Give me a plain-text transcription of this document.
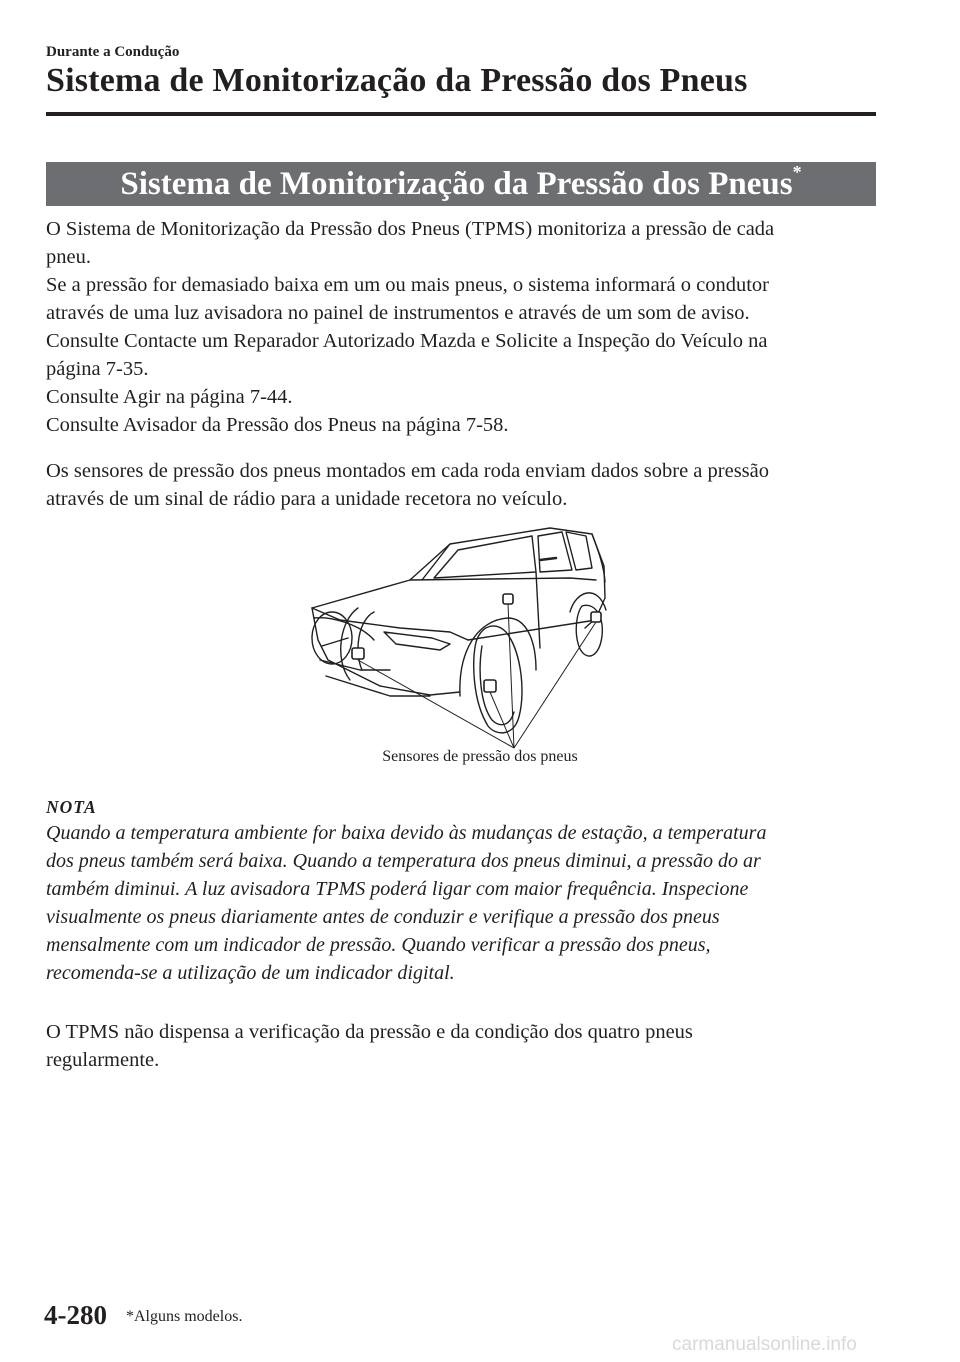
Durante a Condução
Sistema de Monitorização da Pressão dos Pneus
Sistema de Monitorização da Pressão dos Pneus*

O Sistema de Monitorização da Pressão dos Pneus (TPMS) monitoriza a pressão de cada

pneu.

Se a pressão for demasiado baixa em um ou mais pneus, o sistema informará o condutor

através de uma luz avisadora no painel de instrumentos e através de um som de aviso.

Consulte Contacte um Reparador Autorizado Mazda e Solicite a Inspeção do Veículo na

página 7-35.

Consulte Agir na página 7-44.

Consulte Avisador da Pressão dos Pneus na página 7-58.

Os sensores de pressão dos pneus montados em cada roda enviam dados sobre a pressão

através de um sinal de rádio para a unidade recetora no veículo.

Sensores de pressão dos pneus
NOTA
Quando a temperatura ambiente for baixa devido às mudanças de estação, a temperatura
dos pneus também será baixa. Quando a temperatura dos pneus diminui, a pressão do ar
também diminui. A luz avisadora TPMS poderá ligar com maior frequência. Inspecione
visualmente os pneus diariamente antes de conduzir e verifique a pressão dos pneus
mensalmente com um indicador de pressão. Quando verificar a pressão dos pneus,
recomenda-se a utilização de um indicador digital.

O TPMS não dispensa a verificação da pressão e da condição dos quatro pneus

regularmente.

4-280 *Alguns modelos.
carmanualsonline.info
